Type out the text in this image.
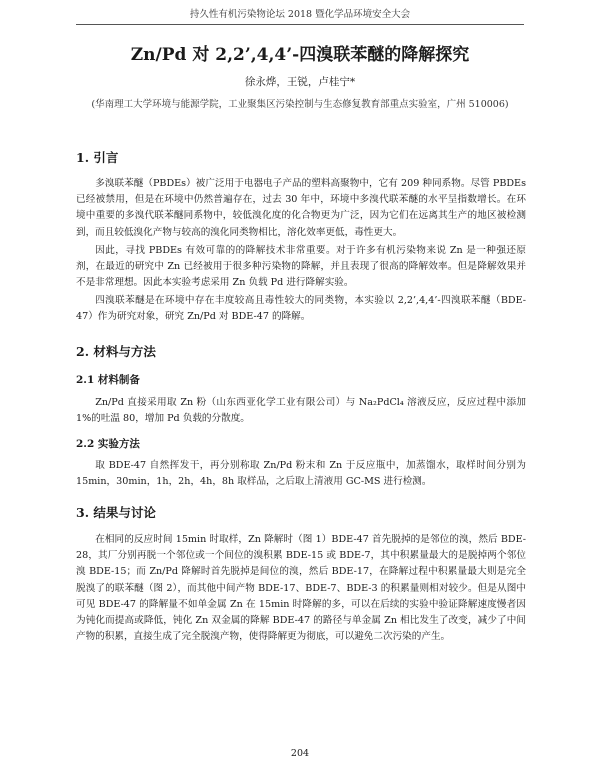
持久性有机污染物论坛 2018 暨化学品环境安全大会
Zn/Pd 对 2,2’,4,4’-四溴联苯醚的降解探究
徐永烨，王锐，卢桂宁*
(华南理工大学环境与能源学院，工业聚集区污染控制与生态修复教育部重点实验室，广州 510006)
1. 引言

多溴联苯醚（PBDEs）被广泛用于电器电子产品的塑料高聚物中，它有 209 种同系物。尽管 PBDEs 已经被禁用，但是在环境中仍然普遍存在，过去 30 年中，环境中多溴代联苯醚的水平呈指数增长。在环境中重要的多溴代联苯醚同系物中，较低溴化度的化合物更为广泛，因为它们在远离其生产的地区被检测到，而且较低溴化产物与较高的溴化同类物相比，溶化效率更低，毒性更大。

因此，寻找 PBDEs 有效可靠的的降解技术非常重要。对于许多有机污染物来说 Zn 是一种强还原剂，在最近的研究中 Zn 已经被用于很多种污染物的降解，并且表现了很高的降解效率。但是降解效果并不是非常理想。因此本实验考虑采用 Zn 负载 Pd 进行降解实验。

四溴联苯醚是在环境中存在丰度较高且毒性较大的同类物，本实验以 2,2’,4,4’-四溴联苯醚（BDE-47）作为研究对象，研究 Zn/Pd 对 BDE-47 的降解。

2. 材料与方法
2.1 材料制备

Zn/Pd 直接采用取 Zn 粉（山东西亚化学工业有限公司）与 Na₂PdCl₄ 溶液反应，反应过程中添加 1%的吐温 80，增加 Pd 负载的分散度。

2.2 实验方法

取 BDE-47 自然挥发干，再分别称取 Zn/Pd 粉末和 Zn 于反应瓶中，加蒸馏水，取样时间分别为 15min，30min，1h，2h，4h，8h 取样品，之后取上清液用 GC-MS 进行检测。

3. 结果与讨论

在相同的反应时间 15min 时取样，Zn 降解时（图 1）BDE-47 首先脱掉的是邻位的溴，然后 BDE-28，其厂分别再脱一个邻位或一个间位的溴积累 BDE-15 或 BDE-7，其中积累量最大的是脱掉两个邻位溴 BDE-15；而 Zn/Pd 降解时首先脱掉是间位的溴，然后 BDE-17，在降解过程中积累量最大则是完全脱溴了的联苯醚（图 2），而其他中间产物 BDE-17、BDE-7、BDE-3 的积累量则相对较少。但是从图中可见 BDE-47 的降解量不如单金属 Zn 在 15min 时降解的多，可以在后续的实验中验证降解速度慢者因为钝化而提高或降低，钝化 Zn 双金属的降解 BDE-47 的路径与单金属 Zn 相比发生了改变，减少了中间产物的积累，直接生成了完全脱溴产物，使得降解更为彻底，可以避免二次污染的产生。

204
